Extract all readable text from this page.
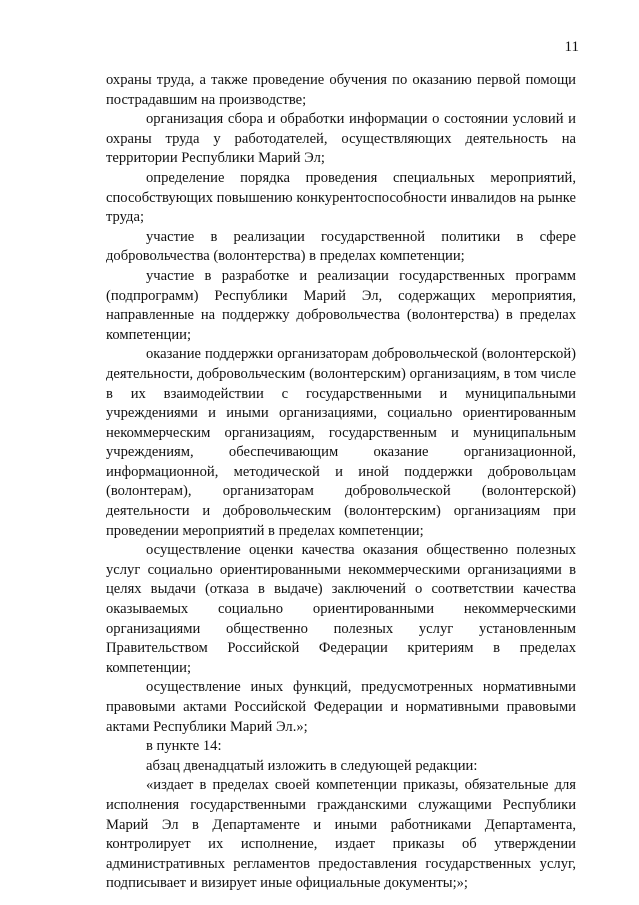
11

охраны труда, а также проведение обучения по оказанию первой помощи пострадавшим на производстве;

организация сбора и обработки информации о состоянии условий и охраны труда у работодателей, осуществляющих деятельность на территории Республики Марий Эл;

определение порядка проведения специальных мероприятий, способствующих повышению конкурентоспособности инвалидов на рынке труда;

участие в реализации государственной политики в сфере добровольчества (волонтерства) в пределах компетенции;

участие в разработке и реализации государственных программ (подпрограмм) Республики Марий Эл, содержащих мероприятия, направленные на поддержку добровольчества (волонтерства) в пределах компетенции;

оказание поддержки организаторам добровольческой (волонтерской) деятельности, добровольческим (волонтерским) организациям, в том числе в их взаимодействии с государственными и муниципальными учреждениями и иными организациями, социально ориентированным некоммерческим организациям, государственным и муниципальным учреждениям, обеспечивающим оказание организационной, информационной, методической и иной поддержки добровольцам (волонтерам), организаторам добровольческой (волонтерской) деятельности и добровольческим (волонтерским) организациям при проведении мероприятий в пределах компетенции;

осуществление оценки качества оказания общественно полезных услуг социально ориентированными некоммерческими организациями в целях выдачи (отказа в выдаче) заключений о соответствии качества оказываемых социально ориентированными некоммерческими организациями общественно полезных услуг установленным Правительством Российской Федерации критериям в пределах компетенции;

осуществление иных функций, предусмотренных нормативными правовыми актами Российской Федерации и нормативными правовыми актами Республики Марий Эл.»;

в пункте 14:

абзац двенадцатый изложить в следующей редакции:

«издает в пределах своей компетенции приказы, обязательные для исполнения государственными гражданскими служащими Республики Марий Эл в Департаменте и иными работниками Департамента, контролирует их исполнение, издает приказы об утверждении административных регламентов предоставления государственных услуг, подписывает и визирует иные официальные документы;»;
